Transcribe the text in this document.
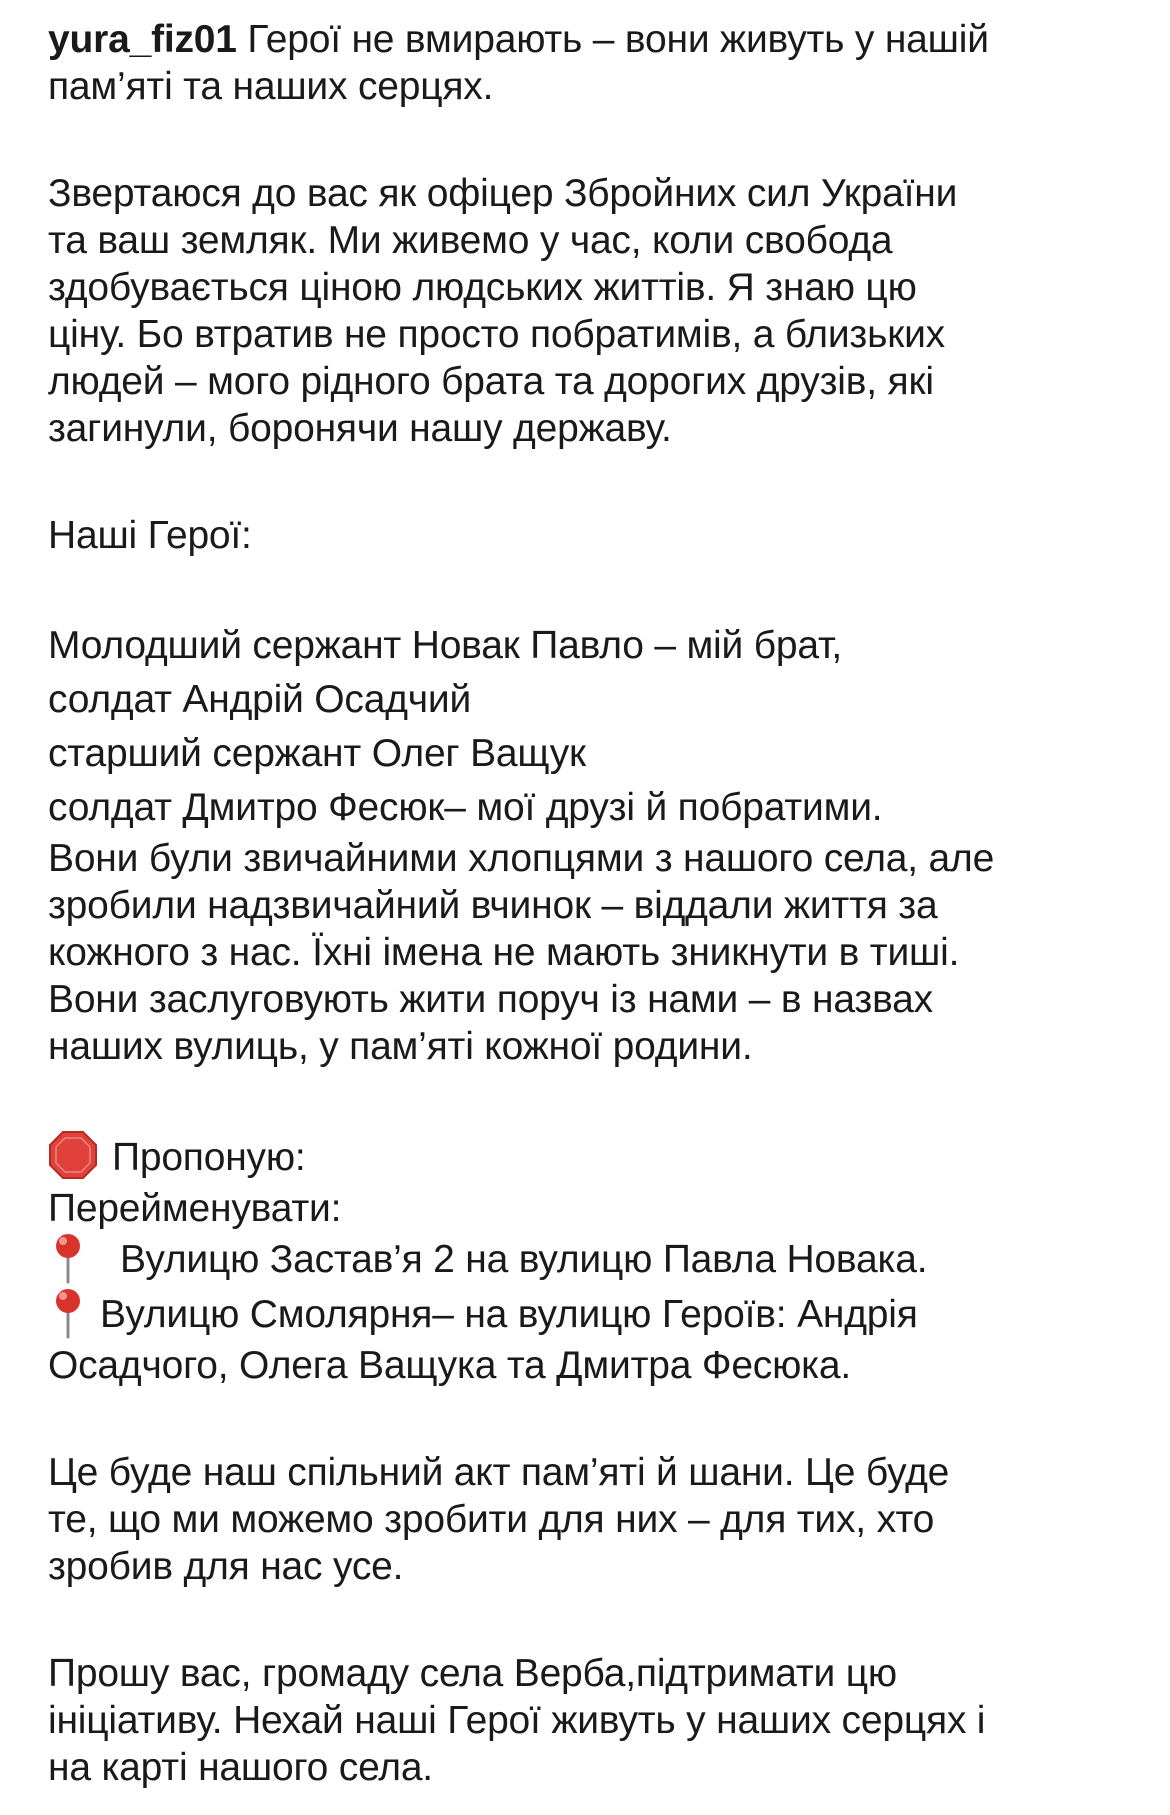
yura_fiz01 Герої не вмирають – вони живуть у нашій
пам’яті та наших серцях.
Звертаюся до вас як офіцер Збройних сил України
та ваш земляк. Ми живемо у час, коли свобода
здобувається ціною людських життів. Я знаю цю
ціну. Бо втратив не просто побратимів, а близьких
людей – мого рідного брата та дорогих друзів, які
загинули, боронячи нашу державу.
Наші Герої:
Молодший сержант Новак Павло – мій брат,
солдат Андрій Осадчий
старший сержант Олег Ващук
солдат Дмитро Фесюк– мої друзі й побратими.
Вони були звичайними хлопцями з нашого села, але
зробили надзвичайний вчинок – віддали життя за
кожного з нас. Їхні імена не мають зникнути в тиші.
Вони заслуговують жити поруч із нами – в назвах
наших вулиць, у пам’яті кожної родини.
Пропоную:
Перейменувати:
Вулицю Застав’я 2 на вулицю Павла Новака.
Вулицю Смолярня– на вулицю Героїв: Андрія
Осадчого, Олега Ващука та Дмитра Фесюка.
Це буде наш спільний акт пам’яті й шани. Це буде
те, що ми можемо зробити для них – для тих, хто
зробив для нас усе.
Прошу вас, громаду села Верба,підтримати цю
ініціативу. Нехай наші Герої живуть у наших серцях і
на карті нашого села.
